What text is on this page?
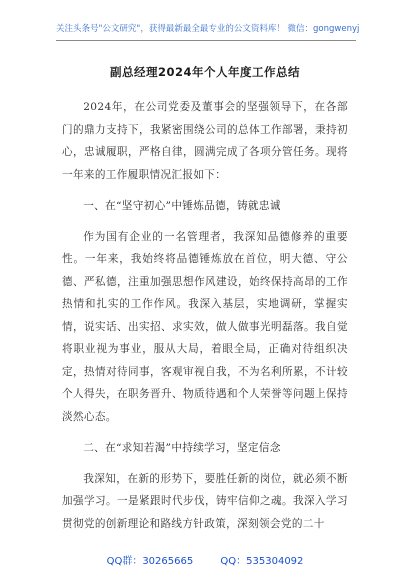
关注头条号"公文研究"，获得最新最全最专业的公文资料库！ 微信：gongwenyj
副总经理2024年个人年度工作总结

2024年，在公司党委及董事会的坚强领导下，在各部门的鼎力支持下，我紧密围绕公司的总体工作部署，秉持初心，忠诚履职，严格自律，圆满完成了各项分管任务。现将一年来的工作履职情况汇报如下：

一、在“坚守初心”中锤炼品德，铸就忠诚

作为国有企业的一名管理者，我深知品德修养的重要性。一年来，我始终将品德锤炼放在首位，明大德、守公德、严私德，注重加强思想作风建设，始终保持高昂的工作热情和扎实的工作作风。我深入基层，实地调研，掌握实情，说实话、出实招、求实效，做人做事光明磊落。我自觉将职业视为事业，服从大局，着眼全局，正确对待组织决定，热情对待同事，客观审视自我，不为名利所累，不计较个人得失，在职务晋升、物质待遇和个人荣誉等问题上保持淡然心态。

二、在“求知若渴”中持续学习，坚定信念

我深知，在新的形势下，要胜任新的岗位，就必须不断加强学习。一是紧跟时代步伐，铸牢信仰之魂。我深入学习贯彻党的创新理论和路线方针政策，深刻领会党的二十

QQ群：30265665	QQ：535304092
